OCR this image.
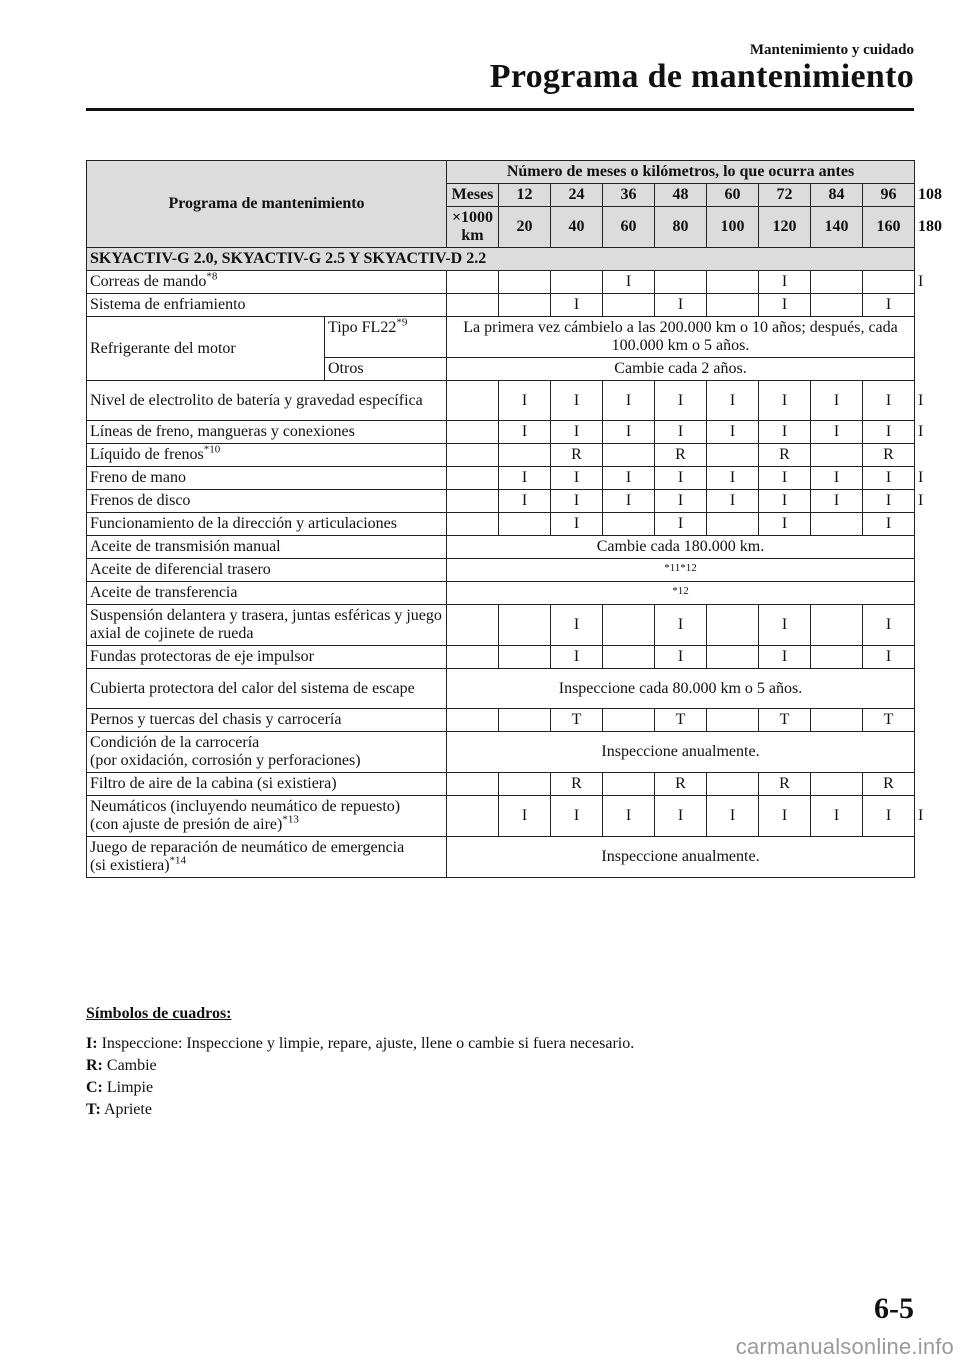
Mantenimiento y cuidado
Programa de mantenimiento
Programa de mantenimiento		Número de meses o kilómetros, lo que ocurra antes									
		Meses	12	24	36	48	60	72	84	96	108
		×1000 km	20	40	60	80	100	120	140	160	180
SKYACTIV-G 2.0, SKYACTIV-G 2.5 Y SKYACTIV-D 2.2											
Correas de mando$^{*8}$					I			I			I
Sistema de enfriamiento				I		I		I		I	
Refrigerante del motor	Tipo FL22$^{*9}$	La primera vez cámbielo a las 200.000 km o 10 años; después, cada 100.000 km o 5 años.									
	Otros	Cambie cada 2 años.									
Nivel de electrolito de batería y gravedad específica			I	I	I	I	I	I	I	I	I
Líneas de freno, mangueras y conexiones			I	I	I	I	I	I	I	I	I
Líquido de frenos$^{*10}$				R		R		R		R	
Freno de mano			I	I	I	I	I	I	I	I	I
Frenos de disco			I	I	I	I	I	I	I	I	I
Funcionamiento de la dirección y articulaciones				I		I		I		I	
Aceite de transmisión manual		Cambie cada 180.000 km.									
Aceite de diferencial trasero		*11*12									
Aceite de transferencia		*12									
Suspensión delantera y trasera, juntas esféricas y juego axial de cojinete de rueda				I		I		I		I	
Fundas protectoras de eje impulsor				I		I		I		I	
Cubierta protectora del calor del sistema de escape		Inspeccione cada 80.000 km o 5 años.									
Pernos y tuercas del chasis y carrocería				T		T		T		T	

Condición de la carrocería
(por oxidación, corrosión y perforaciones)		Inspeccione anualmente.									
Filtro de aire de la cabina (si existiera)				R		R		R		R	

Neumáticos (incluyendo neumático de repuesto)
(con ajuste de presión de aire)$^{*13}$			I	I	I	I	I	I	I	I	I

Juego de reparación de neumático de emergencia
(si existiera)$^{*14}$		Inspeccione anualmente.									
Símbolos de cuadros:
I: Inspeccione: Inspeccione y limpie, repare, ajuste, llene o cambie si fuera necesario.
R: Cambie
C: Limpie
T: Apriete
6-5
carmanualsonline.info
